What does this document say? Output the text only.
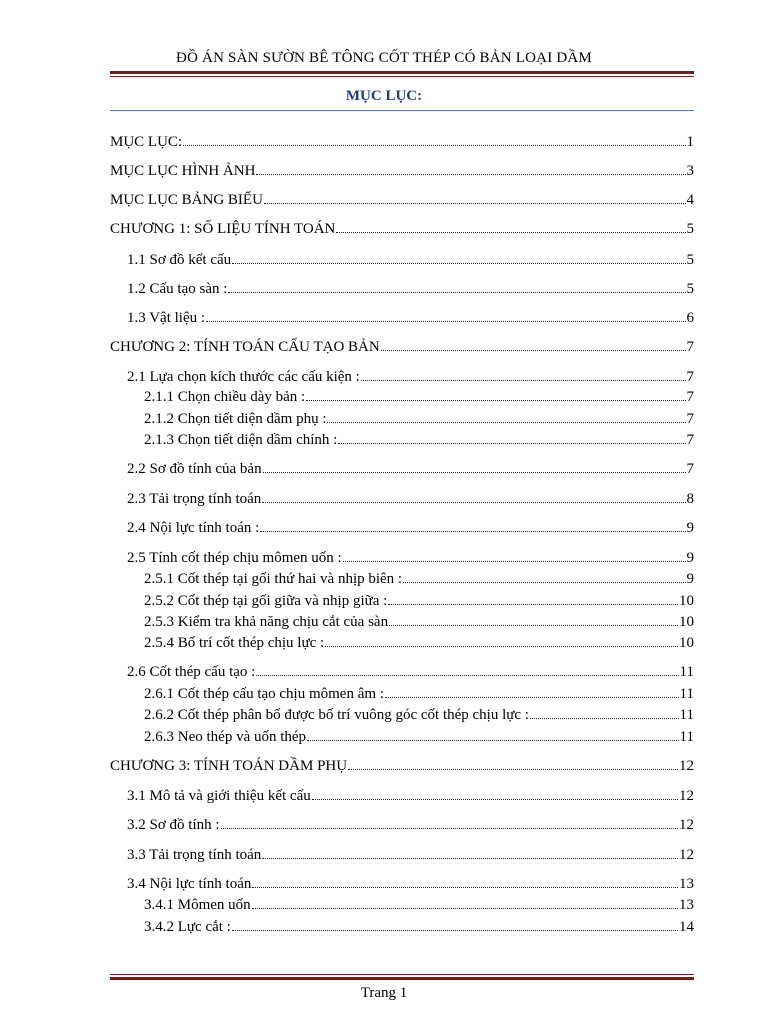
ĐỒ ÁN SÀN SƯỜN BÊ TÔNG CỐT THÉP CÓ BẢN LOẠI DẦM
MỤC LỤC:
MỤC LỤC:	1
MỤC LỤC HÌNH ẢNH	3
MỤC LỤC BẢNG BIỂU	4
CHƯƠNG 1: SỐ LIỆU TÍNH TOÁN	5
1.1 Sơ đồ kết cấu	5
1.2 Cấu tạo sàn :	5
1.3 Vật liệu :	6
CHƯƠNG 2: TÍNH TOÁN CẤU TẠO BẢN	7
2.1 Lựa chọn kích thước các cấu kiện :	7
2.1.1 Chọn chiều dày bản :	7
2.1.2 Chọn tiết diện dầm phụ :	7
2.1.3 Chọn tiết diện dầm chính :	7
2.2 Sơ đồ tính của bản	7
2.3 Tải trọng tính toán	8
2.4 Nội lực tính toán :	9
2.5 Tính cốt thép chịu mômen uốn :	9
2.5.1 Cốt thép tại gối thứ hai và nhịp biên :	9
2.5.2 Cốt thép tại gối giữa và nhịp giữa :	10
2.5.3 Kiểm tra khả năng chịu cắt của sàn	10
2.5.4 Bố trí cốt thép chịu lực :	10
2.6 Cốt thép cấu tạo :	11
2.6.1 Cốt thép cấu tạo chịu mômen âm :	11
2.6.2 Cốt thép phân bố được bố trí vuông góc cốt thép chịu lực :	11
2.6.3 Neo thép và uốn thép	11
CHƯƠNG 3: TÍNH TOÁN DẦM PHỤ	12
3.1 Mô tả và giới thiệu kết cấu	12
3.2 Sơ đồ tính :	12
3.3 Tải trọng tính toán	12
3.4 Nội lực tính toán	13
3.4.1 Mômen uốn	13
3.4.2 Lực cắt :	14
Trang 1
